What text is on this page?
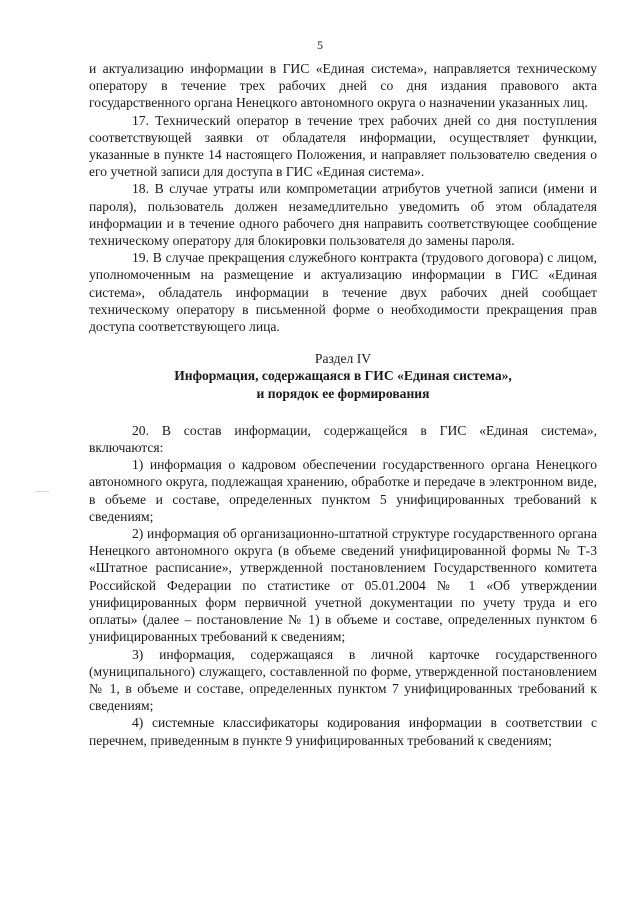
5

и актуализацию информации в ГИС «Единая система», направляется техническому оператору в течение трех рабочих дней со дня издания правового акта государственного органа Ненецкого автономного округа о назначении указанных лиц.

17. Технический оператор в течение трех рабочих дней со дня поступления соответствующей заявки от обладателя информации, осуществляет функции, указанные в пункте 14 настоящего Положения, и направляет пользователю сведения о его учетной записи для доступа в ГИС «Единая система».

18. В случае утраты или компрометации атрибутов учетной записи (имени и пароля), пользователь должен незамедлительно уведомить об этом обладателя информации и в течение одного рабочего дня направить соответствующее сообщение техническому оператору для блокировки пользователя до замены пароля.

19. В случае прекращения служебного контракта (трудового договора) с лицом, уполномоченным на размещение и актуализацию информации в ГИС «Единая система», обладатель информации в течение двух рабочих дней сообщает техническому оператору в письменной форме о необходимости прекращения прав доступа соответствующего лица.

Раздел IV

Информация, содержащаяся в ГИС «Единая система»,
и порядок ее формирования

20. В состав информации, содержащейся в ГИС «Единая система», включаются:

1) информация о кадровом обеспечении государственного органа Ненецкого автономного округа, подлежащая хранению, обработке и передаче в электронном виде, в объеме и составе, определенных пунктом 5 унифицированных требований к сведениям;

2) информация об организационно-штатной структуре государственного органа Ненецкого автономного округа (в объеме сведений унифицированной формы № Т-3 «Штатное расписание», утвержденной постановлением Государственного комитета Российской Федерации по статистике от 05.01.2004 № 1 «Об утверждении унифицированных форм первичной учетной документации по учету труда и его оплаты» (далее – постановление № 1) в объеме и составе, определенных пунктом 6 унифицированных требований к сведениям;

3) информация, содержащаяся в личной карточке государственного (муниципального) служащего, составленной по форме, утвержденной постановлением № 1, в объеме и составе, определенных пунктом 7 унифицированных требований к сведениям;

4) системные классификаторы кодирования информации в соответствии с перечнем, приведенным в пункте 9 унифицированных требований к сведениям;
